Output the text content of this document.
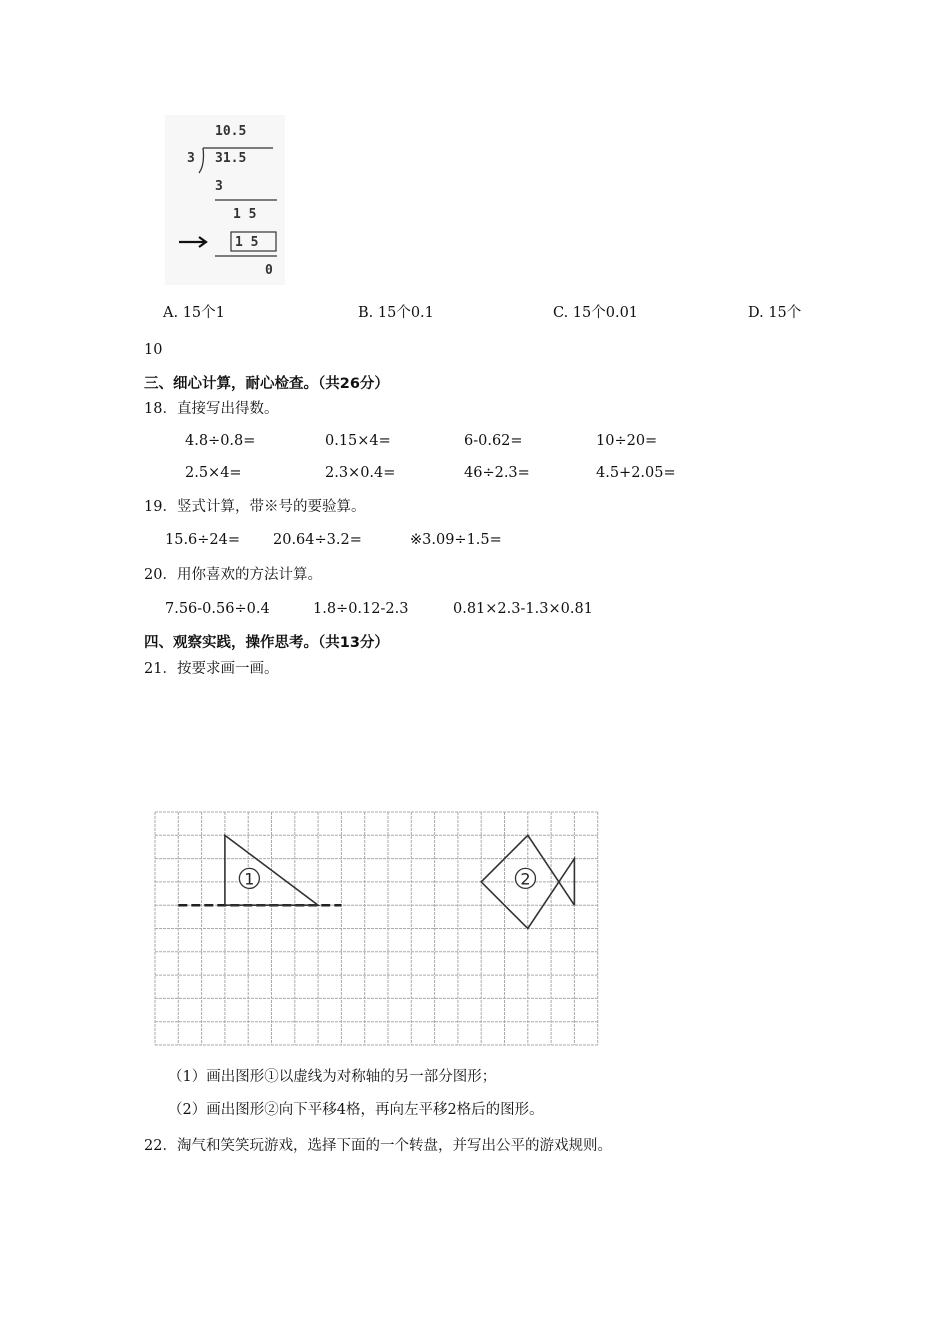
10.5
3 31.5
3
1 5
1 5
0
A. 15个1	B. 15个0.1	C. 15个0.01	D. 15个
10
三、细心计算，耐心检查。（共26分）
18．直接写出得数。
4.8÷0.8=	0.15×4=	6-0.62=	10÷20=
2.5×4=	2.3×0.4=	46÷2.3=	4.5+2.05=
19．竖式计算，带※号的要验算。
15.6÷24= 20.64÷3.2=	※3.09÷1.5=
20．用你喜欢的方法计算。
7.56-0.56÷0.4	1.8÷0.12-2.3	0.81×2.3-1.3×0.81
四、观察实践，操作思考。（共13分）
21．按要求画一画。
1	2
（1）画出图形①以虚线为对称轴的另一部分图形；
（2）画出图形②向下平移4格，再向左平移2格后的图形。
22．淘气和笑笑玩游戏，选择下面的一个转盘，并写出公平的游戏规则。
